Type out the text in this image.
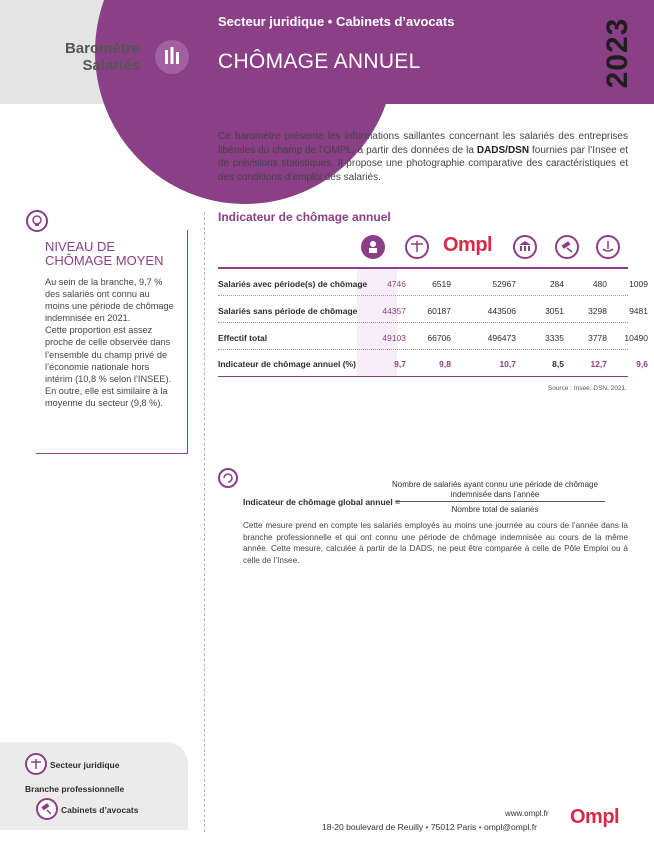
Baromètre
Salariés
Secteur juridique • Cabinets d’avocats
CHÔMAGE ANNUEL	2023

Ce baromètre présente les informations saillantes concernant les salariés des entreprises libérales du champ de l’OMPL, à partir des données de la DADS/DSN fournies par l’Insee et de prévisions statistiques. Il propose une photographie comparative des caractéristiques et des conditions d’emploi des salariés.

NIVEAU DE CHÔMAGE MOYEN

Au sein de la branche, 9,7 % des salariés ont connu au moins une période de chômage indemnisée en 2021.

Cette proportion est assez proche de celle observée dans l’ensemble du champ privé de l’économie nationale hors intérim (10,8 % selon l’INSEE).

En outre, elle est similaire à la moyenne du secteur (9,8 %).

Indicateur de chômage annuel
Ompl
Salariés avec période(s) de chômage	4746	6519	52967	284	480	1009
Salariés sans période de chômage	44357	60187	443506	3051	3298	9481
Effectif total	49103	66706	496473	3335	3778	10490
Indicateur de chômage annuel (%)	9,7	9,8	10,7	8,5	12,7	9,6
Source : Insee, DSN, 2021.
Indicateur de chômage global annuel =
Nombre de salariés ayant connu une période de chômage indemnisée dans l’année
Nombre total de salariés

Cette mesure prend en compte les salariés employés au moins une journée au cours de l’année dans la branche professionnelle et qui ont connu une période de chômage indemnisée au cours de la même année. Cette mesure, calculée à partir de la DADS, ne peut être comparée à celle de Pôle Emploi ou à celle de l’Insee.

Secteur juridique
Branche professionnelle
Cabinets d’avocats	www.ompl.fr
18-20 boulevard de Reuilly • 75012 Paris • ompl@ompl.fr Ompl
